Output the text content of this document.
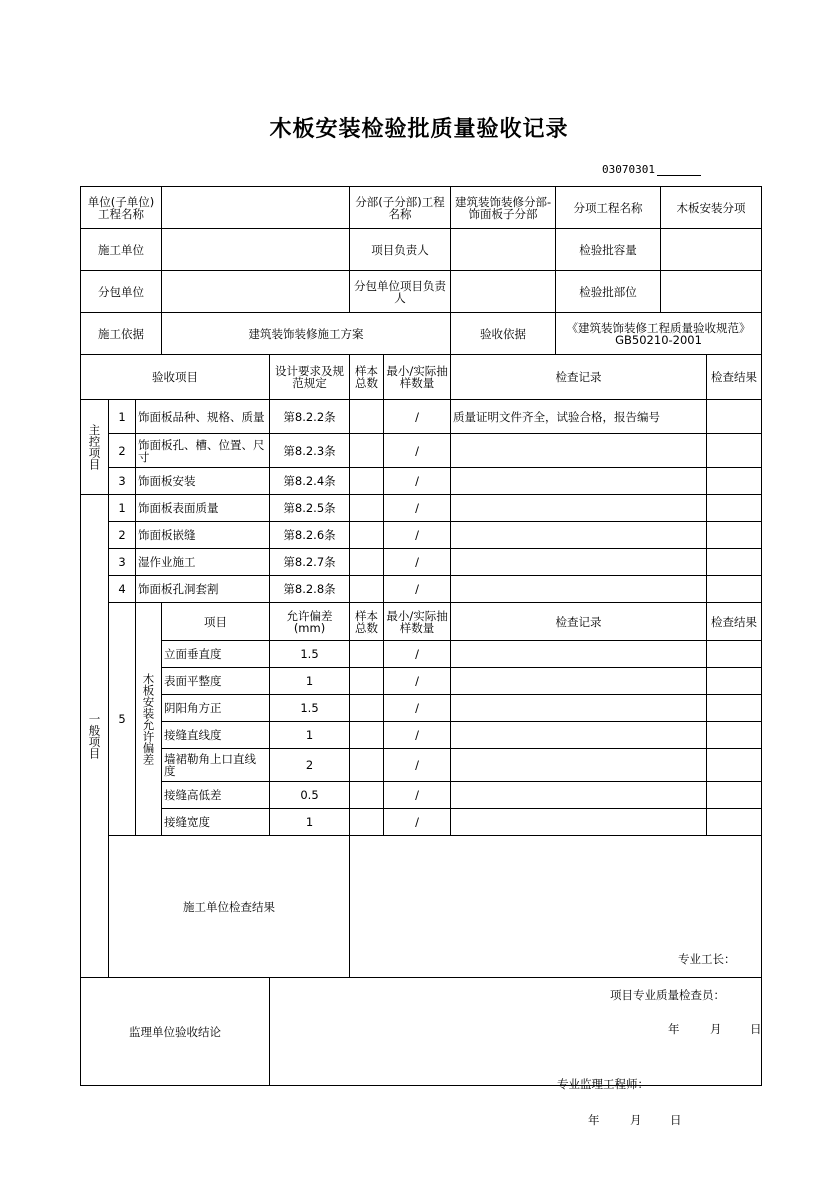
木板安装检验批质量验收记录
03070301
单位(子单位)工程名称					分部(子分部)工程名称		建筑装饰装修分部-饰面板子分部	分项工程名称	木板安装分项	
施工单位					项目负责人			检验批容量		
分包单位					分包单位项目负责人			检验批部位		
施工依据			建筑装饰装修施工方案				验收依据	《建筑装饰装修工程质量验收规范》GB50210-2001		
验收项目				设计要求及规范规定	样本总数	最小/实际抽样数量	检查记录			检查结果

主控项目	1	饰面板品种、规格、质量		第8.2.2条		/	质量证明文件齐全，试验合格，报告编号			
	2	饰面板孔、槽、位置、尺寸		第8.2.3条		/				
	3	饰面板安装		第8.2.4条		/				

一般项目	1	饰面板表面质量		第8.2.5条		/				
	2	饰面板嵌缝		第8.2.6条		/				
	3	湿作业施工		第8.2.7条		/				
	4	饰面板孔洞套割		第8.2.8条		/				
	5	木板安装允许偏差	项目	允许偏差(mm)	样本总数	最小/实际抽样数量	检查记录			检查结果
			立面垂直度	1.5		/				
			表面平整度	1		/				
			阴阳角方正	1.5		/				
			接缝直线度	1		/				
			墙裙勒角上口直线度	2		/				
			接缝高低差	0.5		/				
			接缝宽度	1		/				
	施工单位检查结果				专业工长：
项目专业质量检查员：
年 月 日					

监理单位验收结论				专业监理工程师：
年 月 日						
